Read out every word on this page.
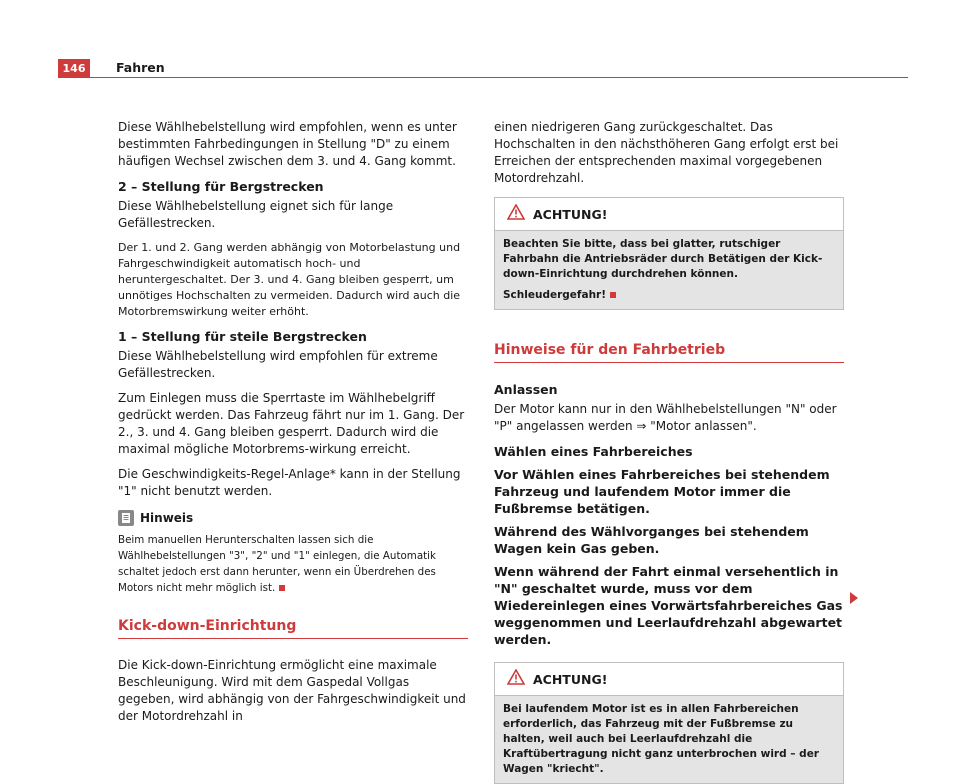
146	Fahren

Diese Wählhebelstellung wird empfohlen, wenn es unter bestimmten Fahrbedingungen in Stellung "D" zu einem häufigen Wechsel zwischen dem 3. und 4. Gang kommt.

2 – Stellung für Bergstrecken

Diese Wählhebelstellung eignet sich für lange Gefällestrecken.

Der 1. und 2. Gang werden abhängig von Motorbelastung und Fahrgeschwindigkeit automatisch hoch- und heruntergeschaltet. Der 3. und 4. Gang bleiben gesperrt, um unnötiges Hochschalten zu vermeiden. Dadurch wird auch die Motorbremswirkung weiter erhöht.

1 – Stellung für steile Bergstrecken

Diese Wählhebelstellung wird empfohlen für extreme Gefällestrecken.

Zum Einlegen muss die Sperrtaste im Wählhebelgriff gedrückt werden. Das Fahrzeug fährt nur im 1. Gang. Der 2., 3. und 4. Gang bleiben gesperrt. Dadurch wird die maximal mögliche Motorbrems-wirkung erreicht.

Die Geschwindigkeits-Regel-Anlage* kann in der Stellung "1" nicht benutzt werden.

Hinweis

Beim manuellen Herunterschalten lassen sich die Wählhebelstellungen "3", "2" und "1" einlegen, die Automatik schaltet jedoch erst dann herunter, wenn ein Überdrehen des Motors nicht mehr möglich ist.

Kick-down-Einrichtung

Die Kick-down-Einrichtung ermöglicht eine maximale Beschleunigung. Wird mit dem Gaspedal Vollgas gegeben, wird abhängig von der Fahrgeschwindigkeit und der Motordrehzahl in

einen niedrigeren Gang zurückgeschaltet. Das Hochschalten in den nächsthöheren Gang erfolgt erst bei Erreichen der entsprechenden maximal vorgegebenen Motordrehzahl.

ACHTUNG!

Beachten Sie bitte, dass bei glatter, rutschiger Fahrbahn die Antriebsräder durch Betätigen der Kick-down-Einrichtung durchdrehen können.

Schleudergefahr!

Hinweise für den Fahrbetrieb
Anlassen

Der Motor kann nur in den Wählhebelstellungen "N" oder "P" angelassen werden ⇒ "Motor anlassen".

Wählen eines Fahrbereiches
Vor Wählen eines Fahrbereiches bei stehendem Fahrzeug und laufendem Motor immer die Fußbremse betätigen.
Während des Wählvorganges bei stehendem Wagen kein Gas geben.
Wenn während der Fahrt einmal versehentlich in "N" geschaltet wurde, muss vor dem Wiedereinlegen eines Vorwärtsfahrbereiches Gas weggenommen und Leerlaufdrehzahl abgewartet werden.
ACHTUNG!

Bei laufendem Motor ist es in allen Fahrbereichen erforderlich, das Fahrzeug mit der Fußbremse zu halten, weil auch bei Leerlaufdrehzahl die Kraftübertragung nicht ganz unterbrochen wird – der Wagen "kriecht".
